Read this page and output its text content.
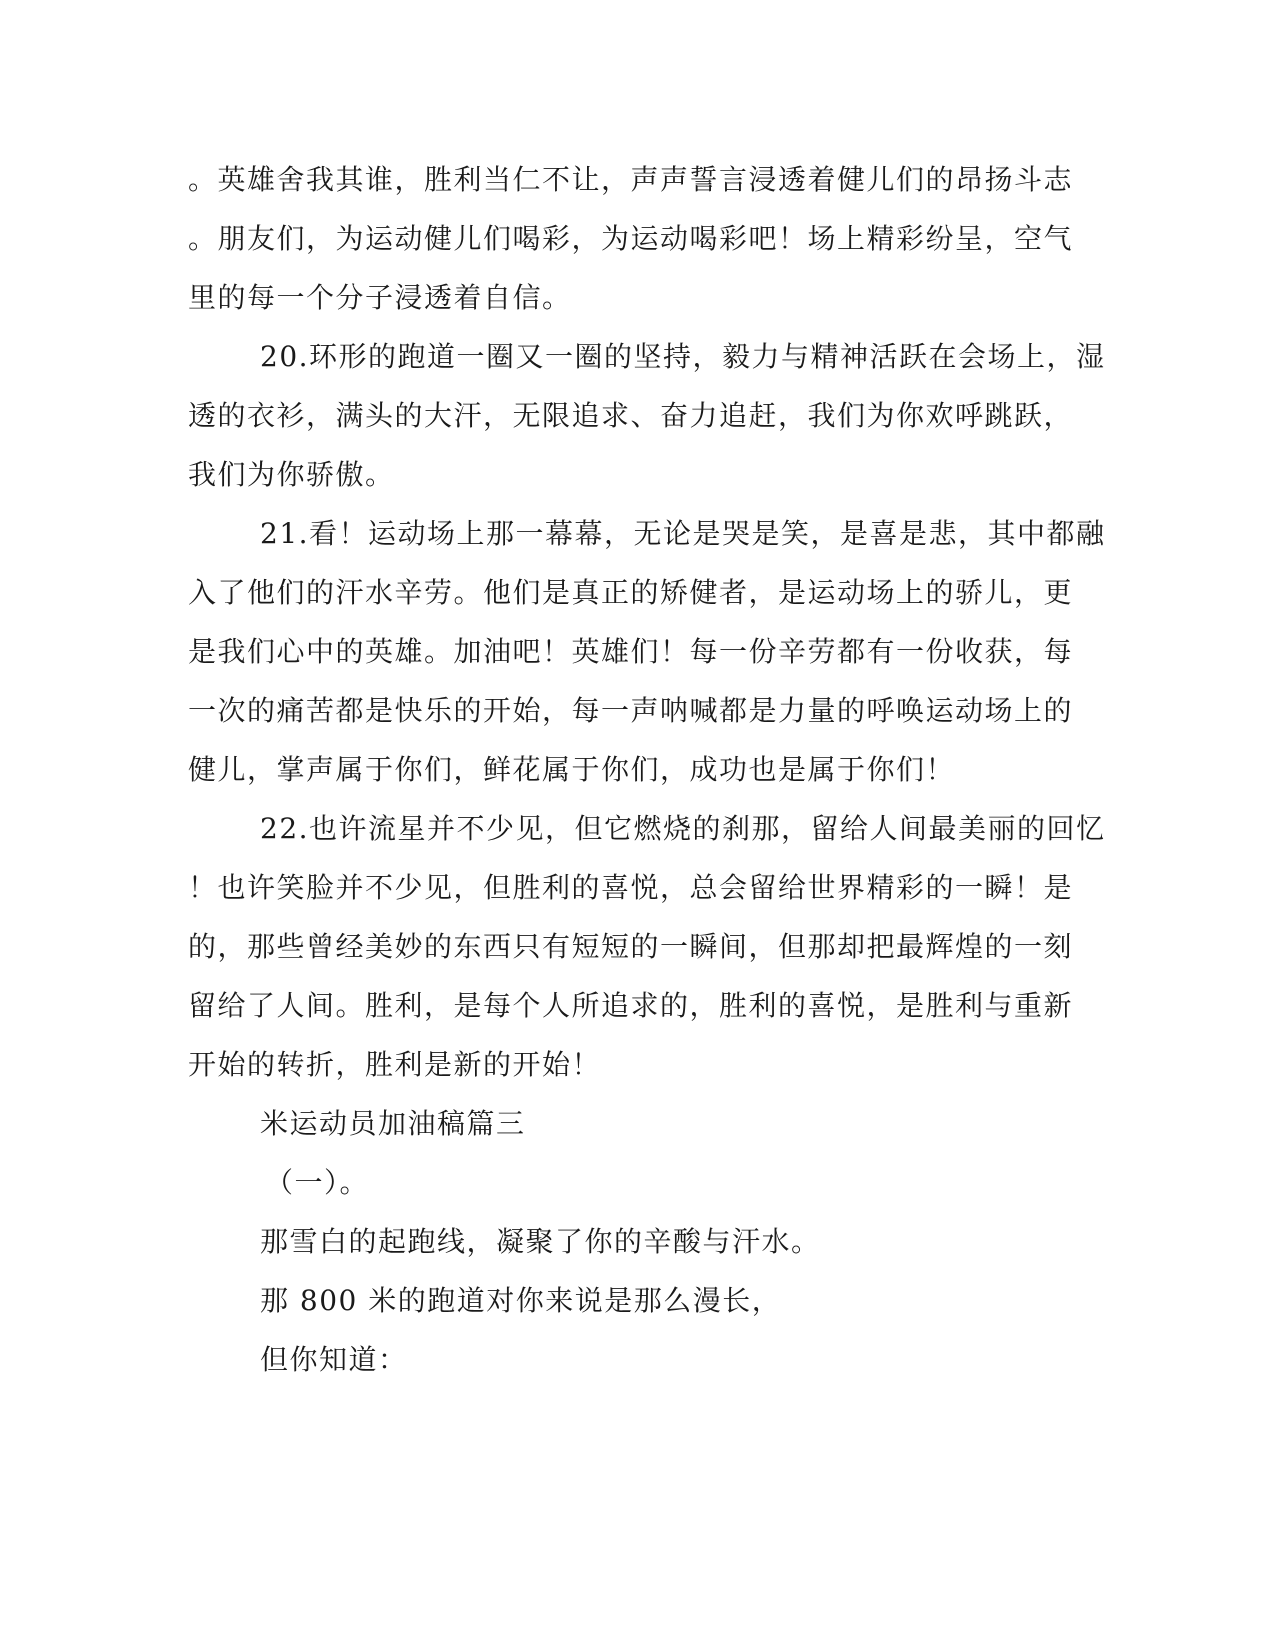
。英雄舍我其谁，胜利当仁不让，声声誓言浸透着健儿们的昂扬斗志
。朋友们，为运动健儿们喝彩，为运动喝彩吧！场上精彩纷呈，空气
里的每一个分子浸透着自信。
20.环形的跑道一圈又一圈的坚持，毅力与精神活跃在会场上，湿
透的衣衫，满头的大汗，无限追求、奋力追赶，我们为你欢呼跳跃，
我们为你骄傲。
21.看！运动场上那一幕幕，无论是哭是笑，是喜是悲，其中都融
入了他们的汗水辛劳。他们是真正的矫健者，是运动场上的骄儿，更
是我们心中的英雄。加油吧！英雄们！每一份辛劳都有一份收获，每
一次的痛苦都是快乐的开始，每一声呐喊都是力量的呼唤运动场上的
健儿，掌声属于你们，鲜花属于你们，成功也是属于你们！
22.也许流星并不少见，但它燃烧的刹那，留给人间最美丽的回忆
！也许笑脸并不少见，但胜利的喜悦，总会留给世界精彩的一瞬！是
的，那些曾经美妙的东西只有短短的一瞬间，但那却把最辉煌的一刻
留给了人间。胜利，是每个人所追求的，胜利的喜悦，是胜利与重新
开始的转折，胜利是新的开始！
米运动员加油稿篇三
（一）。
那雪白的起跑线，凝聚了你的辛酸与汗水。
那 800 米的跑道对你来说是那么漫长，
但你知道：
